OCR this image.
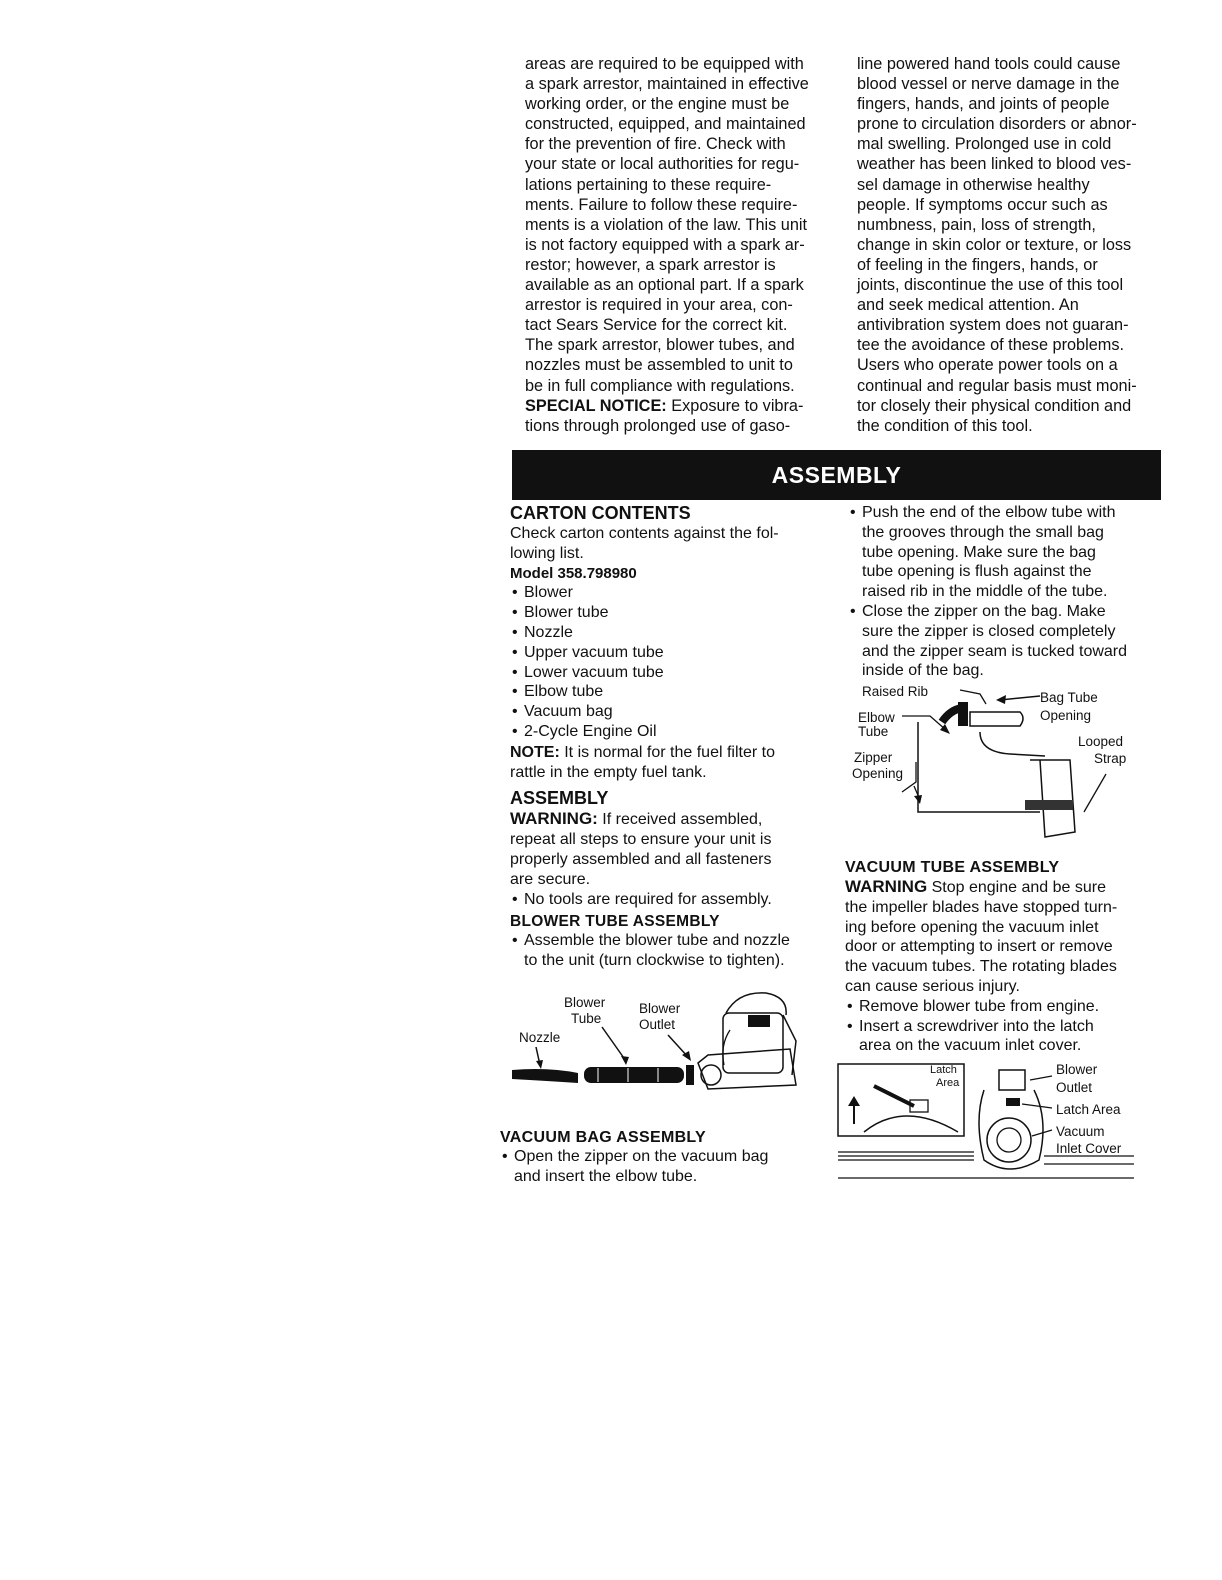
areas are required to be equipped with

a spark arrestor, maintained in effective

working order, or the engine must be

constructed, equipped, and maintained

for the prevention of fire. Check with

your state or local authorities for regu-

lations pertaining to these require-

ments. Failure to follow these require-

ments is a violation of the law. This unit

is not factory equipped with a spark ar-

restor; however, a spark arrestor is

available as an optional part. If a spark

arrestor is required in your area, con-

tact Sears Service for the correct kit.

The spark arrestor, blower tubes, and

nozzles must be assembled to unit to

be in full compliance with regulations.

SPECIAL NOTICE: Exposure to vibra-

tions through prolonged use of gaso-

line powered hand tools could cause

blood vessel or nerve damage in the

fingers, hands, and joints of people

prone to circulation disorders or abnor-

mal swelling. Prolonged use in cold

weather has been linked to blood ves-

sel damage in otherwise healthy

people. If symptoms occur such as

numbness, pain, loss of strength,

change in skin color or texture, or loss

of feeling in the fingers, hands, or

joints, discontinue the use of this tool

and seek medical attention. An

antivibration system does not guaran-

tee the avoidance of these problems.

Users who operate power tools on a

continual and regular basis must moni-

tor closely their physical condition and

the condition of this tool.

ASSEMBLY

CARTON CONTENTS

Check carton contents against the fol-

lowing list.

Model 358.798980

• Blower
• Blower tube
• Nozzle
• Upper vacuum tube
• Lower vacuum tube
• Elbow tube
• Vacuum bag
• 2-Cycle Engine Oil

NOTE: It is normal for the fuel filter to

rattle in the empty fuel tank.

ASSEMBLY

WARNING: If received assembled,

repeat all steps to ensure your unit is

properly assembled and all fasteners

are secure.

• No tools are required for assembly.

BLOWER TUBE ASSEMBLY

• Assemble the blower tube and nozzle
to the unit (turn clockwise to tighten).
Blower
Tube
Blower
Outlet
Nozzle

VACUUM BAG ASSEMBLY

• Open the zipper on the vacuum bag
and insert the elbow tube.
• Push the end of the elbow tube with
the grooves through the small bag
tube opening. Make sure the bag
tube opening is flush against the
raised rib in the middle of the tube.
• Close the zipper on the bag. Make
sure the zipper is closed completely
and the zipper seam is tucked toward
inside of the bag.
Raised Rib	Bag Tube
Opening
Elbow
Tube
Looped
Strap
Zipper
Opening

VACUUM TUBE ASSEMBLY

WARNING Stop engine and be sure

the impeller blades have stopped turn-

ing before opening the vacuum inlet

door or attempting to insert or remove

the vacuum tubes. The rotating blades

can cause serious injury.

• Remove blower tube from engine.
• Insert a screwdriver into the latch
area on the vacuum inlet cover.
Latch
Area
Blower
Outlet
Latch Area
Vacuum
Inlet Cover
